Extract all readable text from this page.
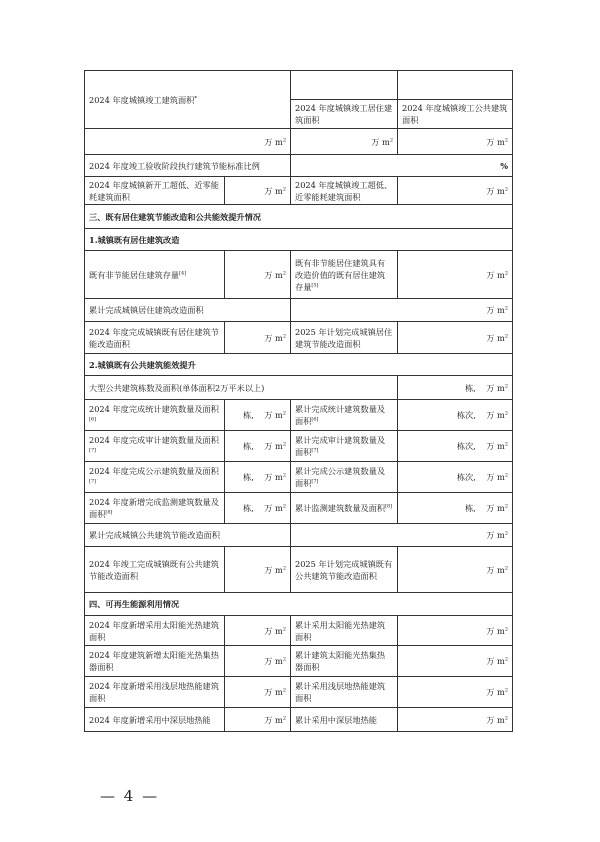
2024 年度城镇竣工建筑面积*		
		2024 年度城镇竣工居住建筑面积	2024 年度城镇竣工公共建筑面积
万 $m^2$		万 $m^2$	万 $m^2$
2024 年度竣工验收阶段执行建筑节能标准比例		%	
2024 年度城镇新开工超低、近零能耗建筑面积	万 $m^2$	2024 年度城镇竣工超低、近零能耗建筑面积	万 $m^2$
三、既有居住建筑节能改造和公共能效提升情况			
1.城镇既有居住建筑改造			
既有非节能居住建筑存量[4]	万 $m^2$	既有非节能居住建筑具有改造价值的既有居住建筑存量[5]	万 $m^2$
累计完成城镇居住建筑改造面积		万 $m^2$
2024 年度完成城镇既有居住建筑节能改造面积	万 $m^2$	2025 年计划完成城镇居住建筑节能改造面积	万 $m^2$
2.城镇既有公共建筑能效提升			
大型公共建筑栋数及面积(单体面积2万平米以上)			栋, 万 $m^2$
2024 年度完成统计建筑数量及面积[6]	栋, 万 $m^2$	累计完成统计建筑数量及面积[6]	栋次, 万 $m^2$
2024 年度完成审计建筑数量及面积[7]	栋, 万 $m^2$	累计完成审计建筑数量及面积[7]	栋次, 万 $m^2$
2024 年度完成公示建筑数量及面积[7]	栋, 万 $m^2$	累计完成公示建筑数量及面积[7]	栋次, 万 $m^2$
2024 年度新增完成监测建筑数量及面积[8]	栋, 万 $m^2$	累计监测建筑数量及面积[8]	栋, 万 $m^2$
累计完成城镇公共建筑节能改造面积		万 $m^2$
2024 年竣工完成城镇既有公共建筑节能改造面积	万 $m^2$	2025 年计划完成城镇既有公共建筑节能改造面积	万 $m^2$
四、可再生能源利用情况			
2024 年度新增采用太阳能光热建筑面积	万 $m^2$	累计采用太阳能光热建筑面积	万 $m^2$
2024 年度建筑新增太阳能光热集热器面积	万 $m^2$	累计建筑太阳能光热集热器面积	万 $m^2$
2024 年度新增采用浅层地热能建筑面积	万 $m^2$	累计采用浅层地热能建筑面积	万 $m^2$
2024 年度新增采用中深层地热能	万 $m^2$	累计采用中深层地热能	万 $m^2$
— 4 —
